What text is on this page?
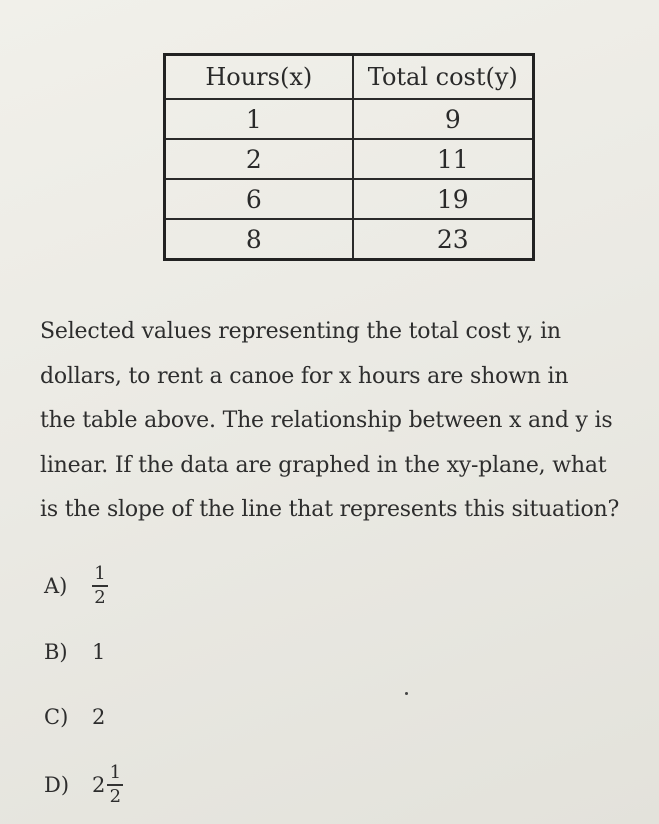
Hours(x)	Total cost(y)
1	9
2	11
6	19
8	23

Selected values representing the total cost y, in

dollars, to rent a canoe for x hours are shown in

the table above. The relationship between x and y is

linear. If the data are graphed in the xy-plane, what

is the slope of the line that represents this situation?

A)	$\frac{1}{2}$
B)	1
C)	2
D)	$2 \frac{1}{2}$
